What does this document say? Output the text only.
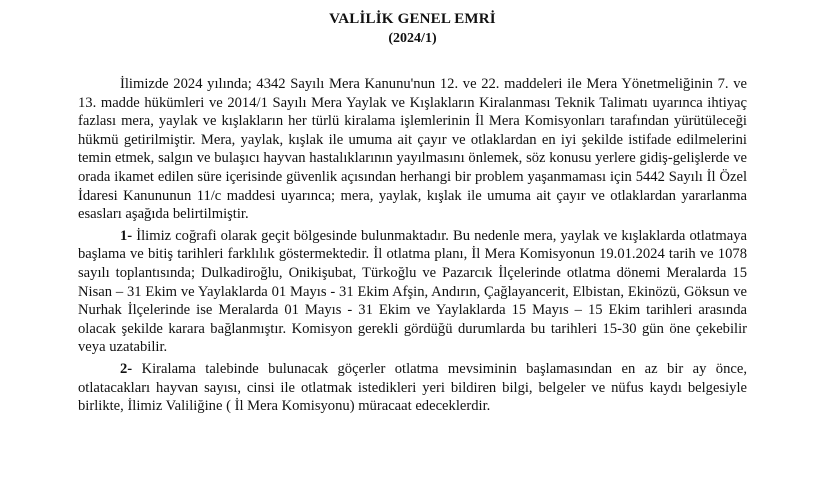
VALİLİK GENEL EMRİ
(2024/1)

İlimizde 2024 yılında; 4342 Sayılı Mera Kanunu'nun 12. ve 22. maddeleri ile Mera Yönetmeliğinin 7. ve 13. madde hükümleri ve 2014/1 Sayılı Mera Yaylak ve Kışlakların Kiralanması Teknik Talimatı uyarınca ihtiyaç fazlası mera, yaylak ve kışlakların her türlü kiralama işlemlerinin İl Mera Komisyonları tarafından yürütüleceği hükmü getirilmiştir. Mera, yaylak, kışlak ile umuma ait çayır ve otlaklardan en iyi şekilde istifade edilmelerini temin etmek, salgın ve bulaşıcı hayvan hastalıklarının yayılmasını önlemek, söz konusu yerlere gidiş-gelişlerde ve orada ikamet edilen süre içerisinde güvenlik açısından herhangi bir problem yaşanmaması için 5442 Sayılı İl Özel İdaresi Kanununun 11/c maddesi uyarınca; mera, yaylak, kışlak ile umuma ait çayır ve otlaklardan yararlanma esasları aşağıda belirtilmiştir.

1- İlimiz coğrafi olarak geçit bölgesinde bulunmaktadır. Bu nedenle mera, yaylak ve kışlaklarda otlatmaya başlama ve bitiş tarihleri farklılık göstermektedir. İl otlatma planı, İl Mera Komisyonun 19.01.2024 tarih ve 1078 sayılı toplantısında; Dulkadiroğlu, Onikişubat, Türkoğlu ve Pazarcık İlçelerinde otlatma dönemi Meralarda 15 Nisan – 31 Ekim ve Yaylaklarda 01 Mayıs - 31 Ekim Afşin, Andırın, Çağlayancerit, Elbistan, Ekinözü, Göksun ve Nurhak İlçelerinde ise Meralarda 01 Mayıs - 31 Ekim ve Yaylaklarda 15 Mayıs – 15 Ekim tarihleri arasında olacak şekilde karara bağlanmıştır. Komisyon gerekli gördüğü durumlarda bu tarihleri 15-30 gün öne çekebilir veya uzatabilir.

2- Kiralama talebinde bulunacak göçerler otlatma mevsiminin başlamasından en az bir ay önce, otlatacakları hayvan sayısı, cinsi ile otlatmak istedikleri yeri bildiren bilgi, belgeler ve nüfus kaydı belgesiyle birlikte, İlimiz Valiliğine ( İl Mera Komisyonu) müracaat edeceklerdir.
